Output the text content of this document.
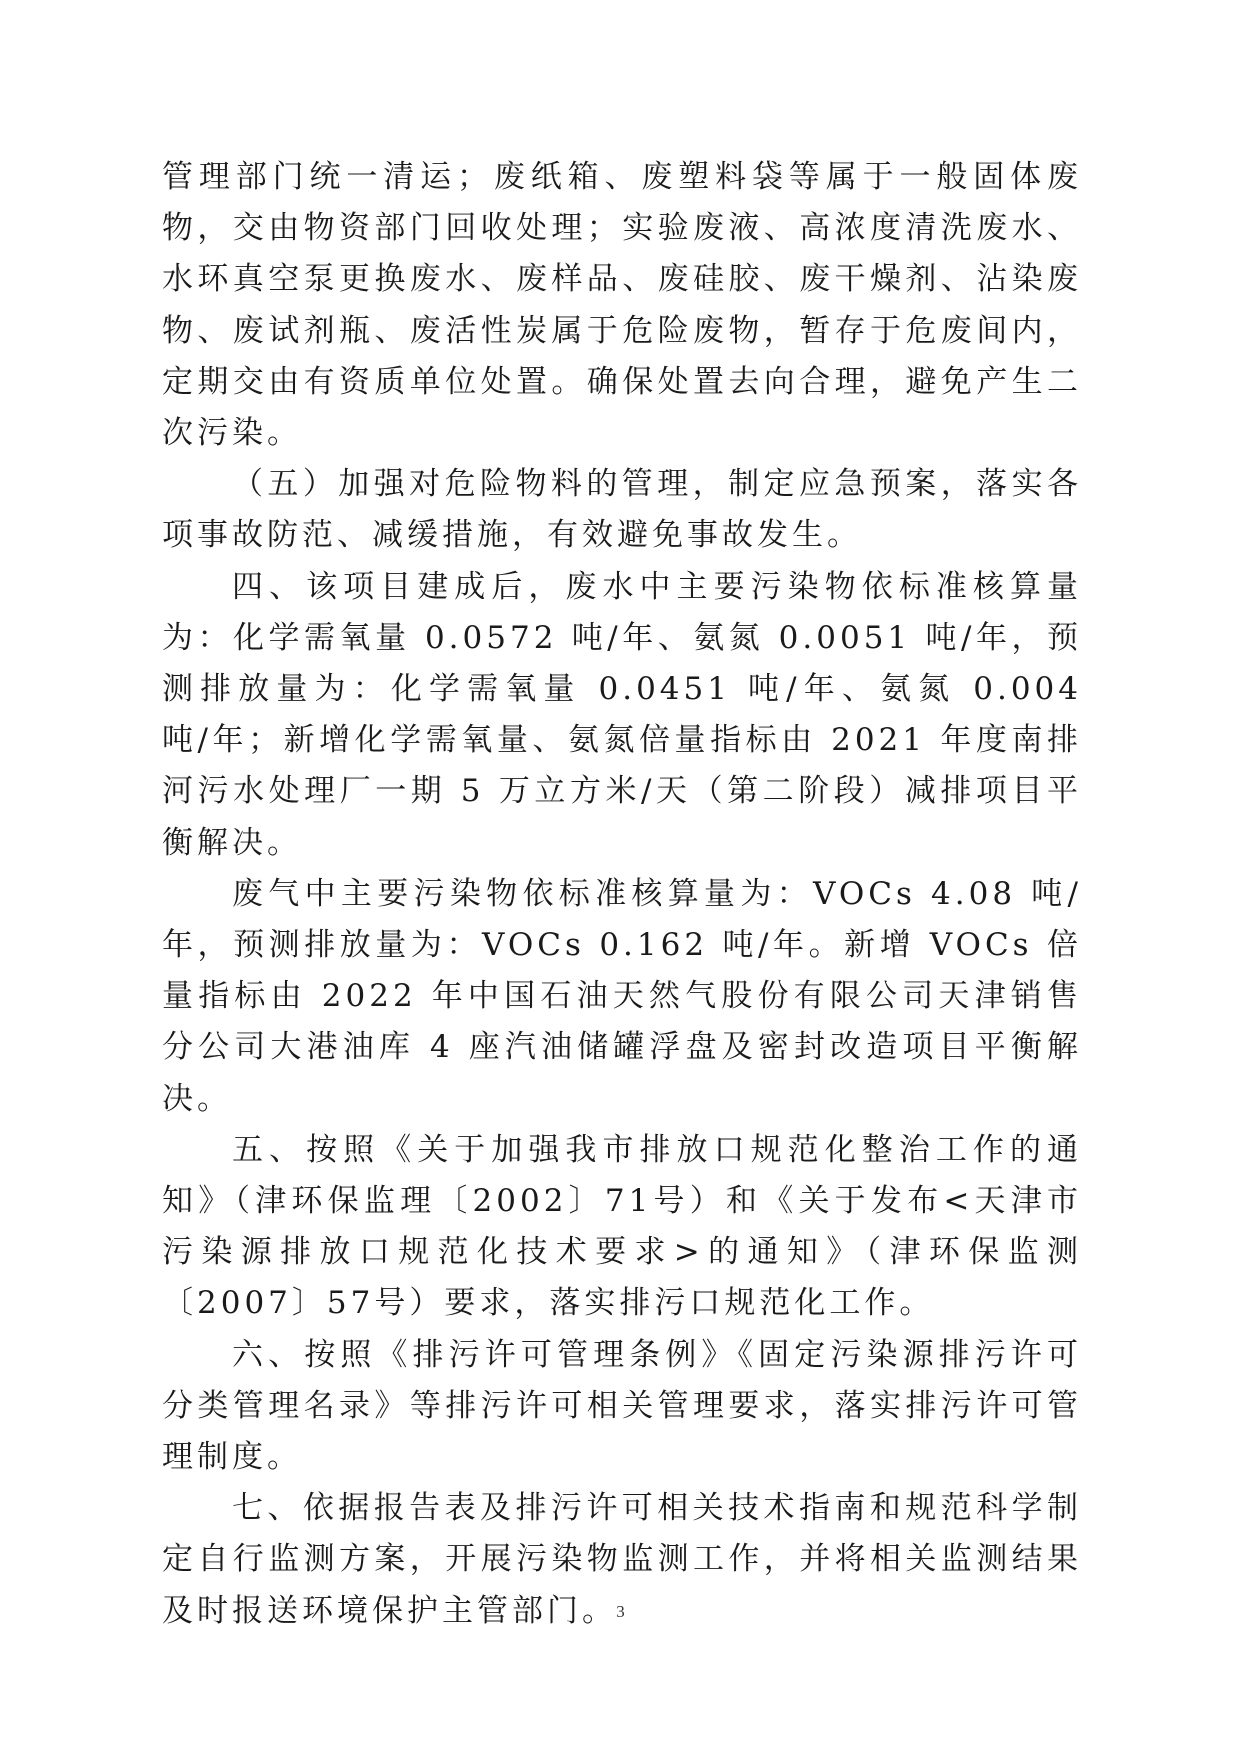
管理部门统一清运；废纸箱、废塑料袋等属于一般固体废物，交由物资部门回收处理；实验废液、高浓度清洗废水、水环真空泵更换废水、废样品、废硅胶、废干燥剂、沾染废物、废试剂瓶、废活性炭属于危险废物，暂存于危废间内，定期交由有资质单位处置。确保处置去向合理，避免产生二次污染。

（五）加强对危险物料的管理，制定应急预案，落实各项事故防范、减缓措施，有效避免事故发生。

四、该项目建成后，废水中主要污染物依标准核算量为：化学需氧量 0.0572 吨/年、氨氮 0.0051 吨/年，预测排放量为：化学需氧量 0.0451 吨/年、氨氮 0.004 吨/年；新增化学需氧量、氨氮倍量指标由 2021 年度南排河污水处理厂一期 5 万立方米/天（第二阶段）减排项目平衡解决。

废气中主要污染物依标准核算量为：VOCs 4.08 吨/年，预测排放量为：VOCs 0.162 吨/年。新增 VOCs 倍量指标由 2022 年中国石油天然气股份有限公司天津销售分公司大港油库 4 座汽油储罐浮盘及密封改造项目平衡解决。

五、按照《关于加强我市排放口规范化整治工作的通知》（津环保监理〔2002〕71号）和《关于发布<天津市污染源排放口规范化技术要求>的通知》（津环保监测〔2007〕57号）要求，落实排污口规范化工作。

六、按照《排污许可管理条例》《固定污染源排污许可分类管理名录》等排污许可相关管理要求，落实排污许可管理制度。

七、依据报告表及排污许可相关技术指南和规范科学制定自行监测方案，开展污染物监测工作，并将相关监测结果及时报送环境保护主管部门。 3
